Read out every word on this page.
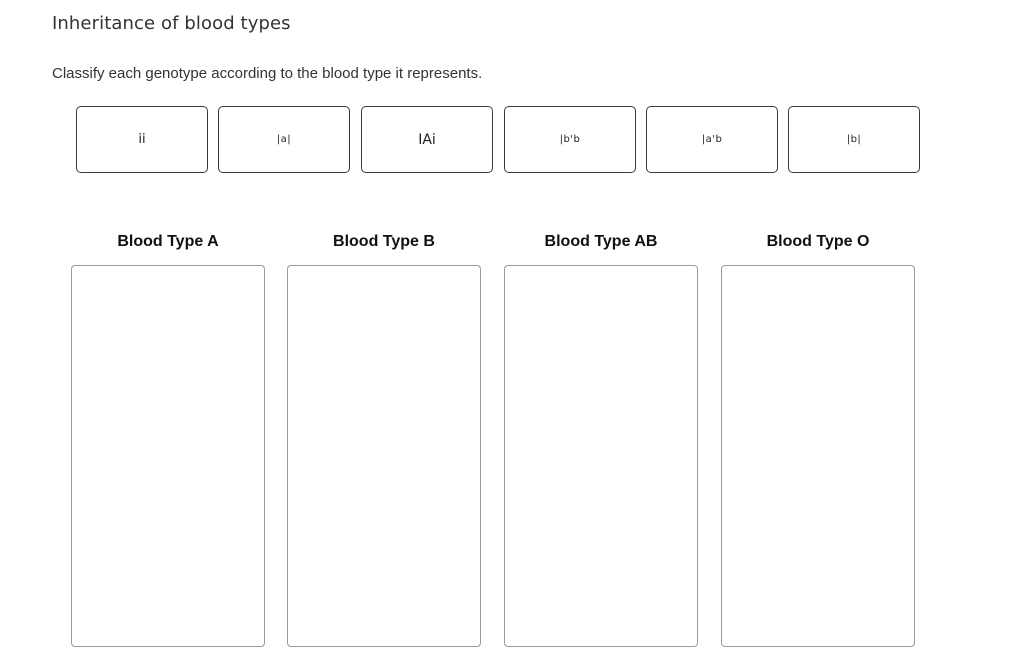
Inheritance of blood types

Classify each genotype according to the blood type it represents.

ii	|a|	IAi	|b'b	|a'b	|b|
Blood Type A	Blood Type B	Blood Type AB	Blood Type O
